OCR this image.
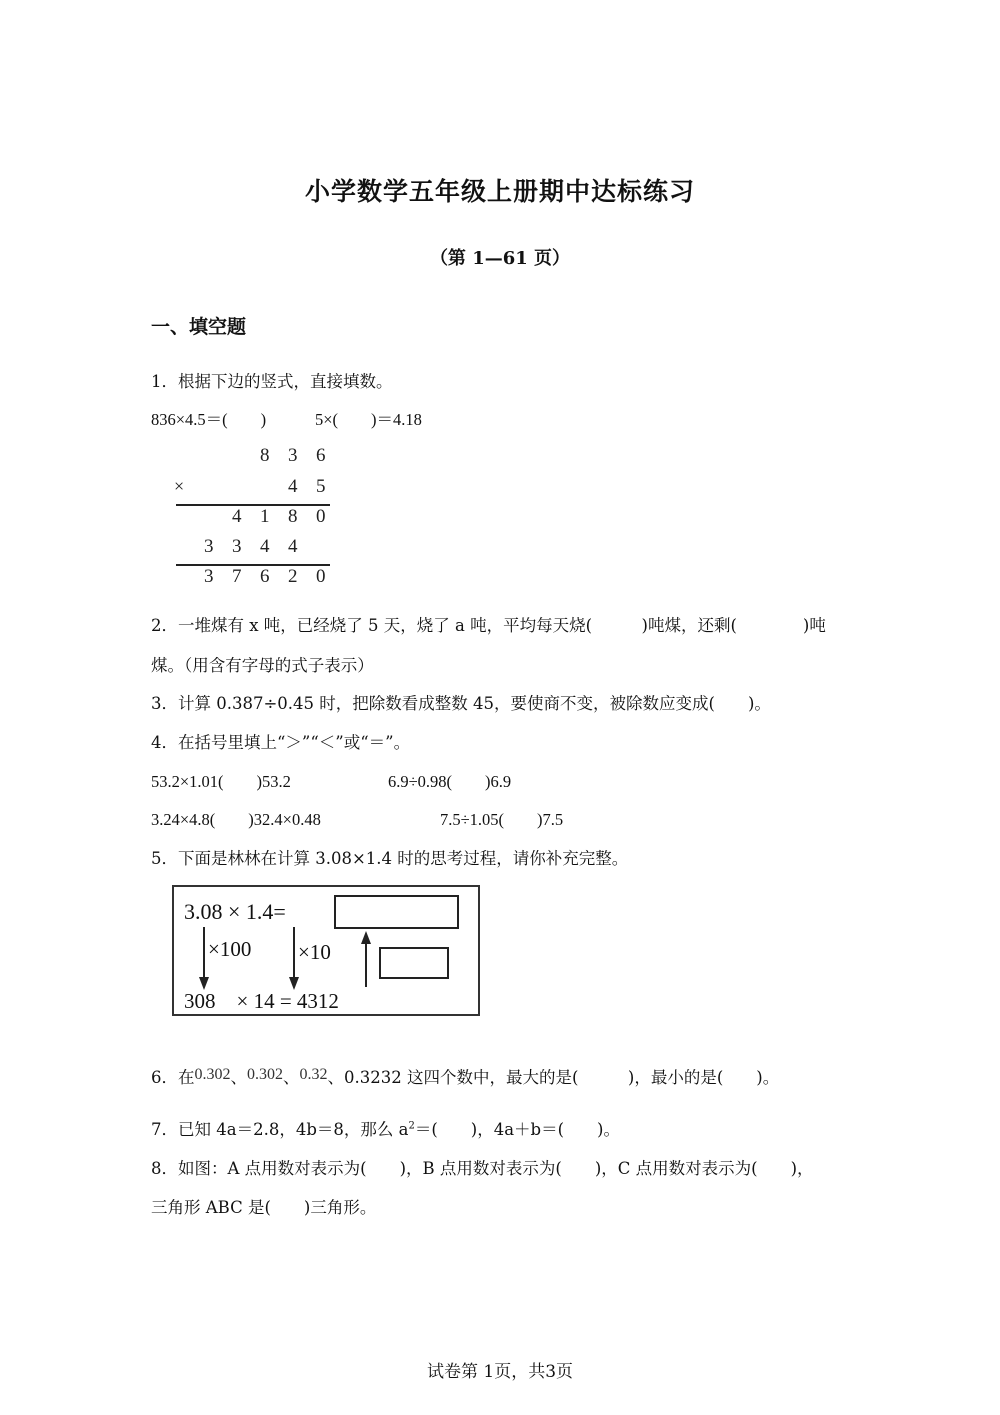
小学数学五年级上册期中达标练习
（第 1—61 页）
一、填空题
1．根据下边的竖式，直接填数。
836×4.5＝(　　)	5×(　　)＝4.18
8 3 6
×	4 5
4 1 8 0
3 3 4 4
3 7 6 2 0
2．一堆煤有 x 吨，已经烧了 5 天，烧了 a 吨，平均每天烧(　　　)吨煤，还剩(　　　　)吨
煤。（用含有字母的式子表示）
3．计算 0.387÷0.45 时，把除数看成整数 45，要使商不变，被除数应变成(　　)。
4．在括号里填上“＞”“＜”或“＝”。
53.2×1.01(　　)53.2	6.9÷0.98(　　)6.9
3.24×4.8(　　)32.4×0.48	7.5÷1.05(　　)7.5
5．下面是林林在计算 3.08×1.4 时的思考过程，请你补充完整。
3.08 × 1.4=
×100 ×10
308　× 14 = 4312
6．在0.302、0.302、0.32、0.3232 这四个数中，最大的是(　　　)，最小的是(　　)。
7．已知 4a＝2.8，4b＝8，那么 $a^2=$(　　)，4a＋b＝(　　)。
8．如图：A 点用数对表示为(　　)，B 点用数对表示为(　　)，C 点用数对表示为(　　)，
三角形 ABC 是(　　)三角形。
试卷第 1页，共3页
